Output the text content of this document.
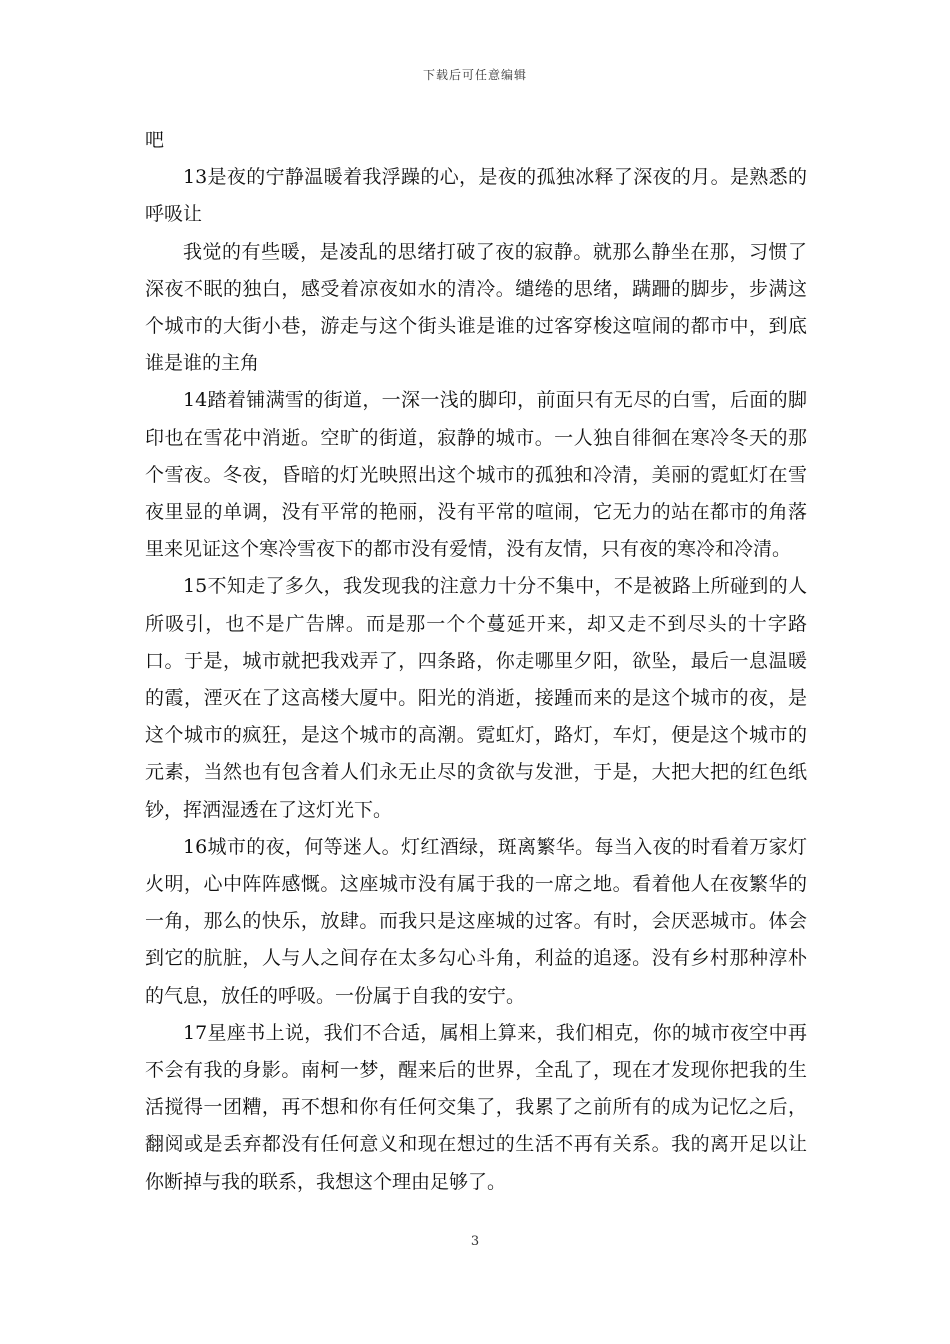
下载后可任意编辑

吧

13是夜的宁静温暖着我浮躁的心，是夜的孤独冰释了深夜的月。是熟悉的呼吸让

我觉的有些暖，是凌乱的思绪打破了夜的寂静。就那么静坐在那，习惯了深夜不眠的独白，感受着凉夜如水的清冷。缱绻的思绪，蹒跚的脚步，步满这个城市的大街小巷，游走与这个街头谁是谁的过客穿梭这喧闹的都市中，到底谁是谁的主角

14踏着铺满雪的街道，一深一浅的脚印，前面只有无尽的白雪，后面的脚印也在雪花中消逝。空旷的街道，寂静的城市。一人独自徘徊在寒冷冬天的那个雪夜。冬夜，昏暗的灯光映照出这个城市的孤独和冷清，美丽的霓虹灯在雪夜里显的单调，没有平常的艳丽，没有平常的喧闹，它无力的站在都市的角落里来见证这个寒冷雪夜下的都市没有爱情，没有友情，只有夜的寒冷和冷清。

15不知走了多久，我发现我的注意力十分不集中，不是被路上所碰到的人所吸引，也不是广告牌。而是那一个个蔓延开来，却又走不到尽头的十字路口。于是，城市就把我戏弄了，四条路，你走哪里夕阳，欲坠，最后一息温暖的霞，湮灭在了这高楼大厦中。阳光的消逝，接踵而来的是这个城市的夜，是这个城市的疯狂，是这个城市的高潮。霓虹灯，路灯，车灯，便是这个城市的元素，当然也有包含着人们永无止尽的贪欲与发泄，于是，大把大把的红色纸钞，挥洒湿透在了这灯光下。

16城市的夜，何等迷人。灯红酒绿，斑离繁华。每当入夜的时看着万家灯火明，心中阵阵感慨。这座城市没有属于我的一席之地。看着他人在夜繁华的一角，那么的快乐，放肆。而我只是这座城的过客。有时，会厌恶城市。体会到它的肮脏，人与人之间存在太多勾心斗角，利益的追逐。没有乡村那种淳朴的气息，放任的呼吸。一份属于自我的安宁。

17星座书上说，我们不合适，属相上算来，我们相克，你的城市夜空中再不会有我的身影。南柯一梦，醒来后的世界，全乱了，现在才发现你把我的生活搅得一团糟，再不想和你有任何交集了，我累了之前所有的成为记忆之后，翻阅或是丢弃都没有任何意义和现在想过的生活不再有关系。我的离开足以让你断掉与我的联系，我想这个理由足够了。

3
